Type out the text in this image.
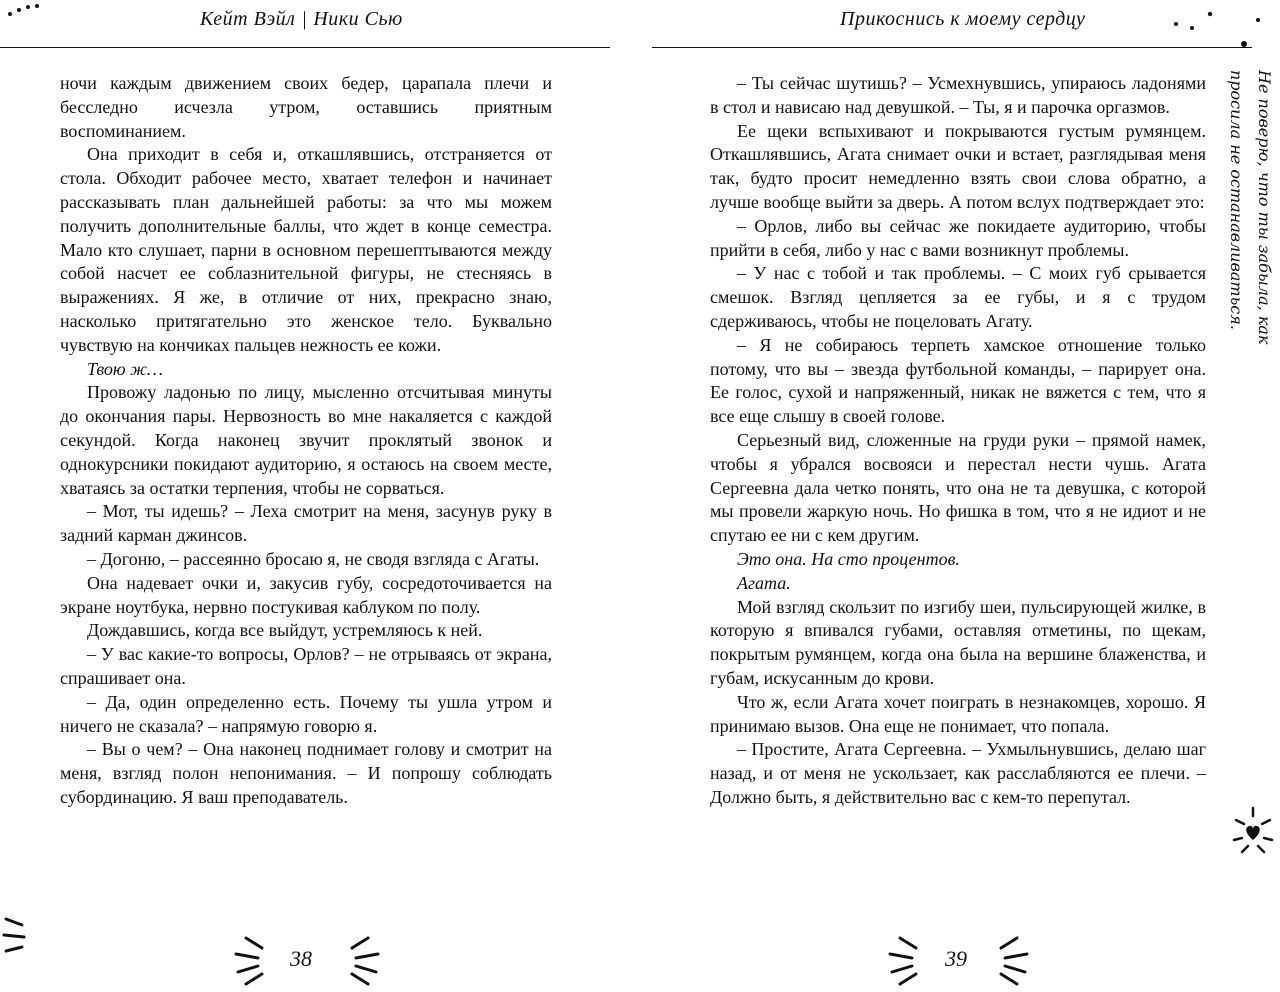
Кейт Вэйл | Ники Сью

ночи каждым движением своих бедер, царапала плечи и бесследно исчезла утром, оставшись приятным воспоминанием.

Она приходит в себя и, откашлявшись, отстраняется от стола. Обходит рабочее место, хватает телефон и начинает рассказывать план дальнейшей работы: за что мы можем получить дополнительные баллы, что ждет в конце семестра. Мало кто слушает, парни в основном перешептываются между собой насчет ее соблазнительной фигуры, не стесняясь в выражениях. Я же, в отличие от них, прекрасно знаю, насколько притягательно это женское тело. Буквально чувствую на кончиках пальцев нежность ее кожи.

Твою ж…

Провожу ладонью по лицу, мысленно отсчитывая минуты до окончания пары. Нервозность во мне накаляется с каждой секундой. Когда наконец звучит проклятый звонок и однокурсники покидают аудиторию, я остаюсь на своем месте, хватаясь за остатки терпения, чтобы не сорваться.

– Мот, ты идешь? – Леха смотрит на меня, засунув руку в задний карман джинсов.

– Догоню, – рассеянно бросаю я, не сводя взгляда с Агаты.

Она надевает очки и, закусив губу, сосредоточивается на экране ноутбука, нервно постукивая каблуком по полу.

Дождавшись, когда все выйдут, устремляюсь к ней.

– У вас какие-то вопросы, Орлов? – не отрываясь от экрана, спрашивает она.

– Да, один определенно есть. Почему ты ушла утром и ничего не сказала? – напрямую говорю я.

– Вы о чем? – Она наконец поднимает голову и смотрит на меня, взгляд полон непонимания. – И попрошу соблюдать субординацию. Я ваш преподаватель.

38
Прикоснись к моему сердцу

– Ты сейчас шутишь? – Усмехнувшись, упираюсь ладонями в стол и нависаю над девушкой. – Ты, я и парочка оргазмов.

Ее щеки вспыхивают и покрываются густым румянцем. Откашлявшись, Агата снимает очки и встает, разглядывая меня так, будто просит немедленно взять свои слова обратно, а лучше вообще выйти за дверь. А потом вслух подтверждает это:

– Орлов, либо вы сейчас же покидаете аудиторию, чтобы прийти в себя, либо у нас с вами возникнут проблемы.

– У нас с тобой и так проблемы. – С моих губ срывается смешок. Взгляд цепляется за ее губы, и я с трудом сдерживаюсь, чтобы не поцеловать Агату.

– Я не собираюсь терпеть хамское отношение только потому, что вы – звезда футбольной команды, – парирует она. Ее голос, сухой и напряженный, никак не вяжется с тем, что я все еще слышу в своей голове.

Серьезный вид, сложенные на груди руки – прямой намек, чтобы я убрался восвояси и перестал нести чушь. Агата Сергеевна дала четко понять, что она не та девушка, с которой мы провели жаркую ночь. Но фишка в том, что я не идиот и не спутаю ее ни с кем другим.

Это она. На сто процентов.

Агата.

Мой взгляд скользит по изгибу шеи, пульсирующей жилке, в которую я впивался губами, оставляя отметины, по щекам, покрытым румянцем, когда она была на вершине блаженства, и губам, искусанным до крови.

Что ж, если Агата хочет поиграть в незнакомцев, хорошо. Я принимаю вызов. Она еще не понимает, что попала.

– Простите, Агата Сергеевна. – Ухмыльнувшись, делаю шаг назад, и от меня не ускользает, как расслабляются ее плечи. – Должно быть, я действительно вас с кем-то перепутал.

39
Не поверю, что ты забыла, как
просила не останавливаться.
